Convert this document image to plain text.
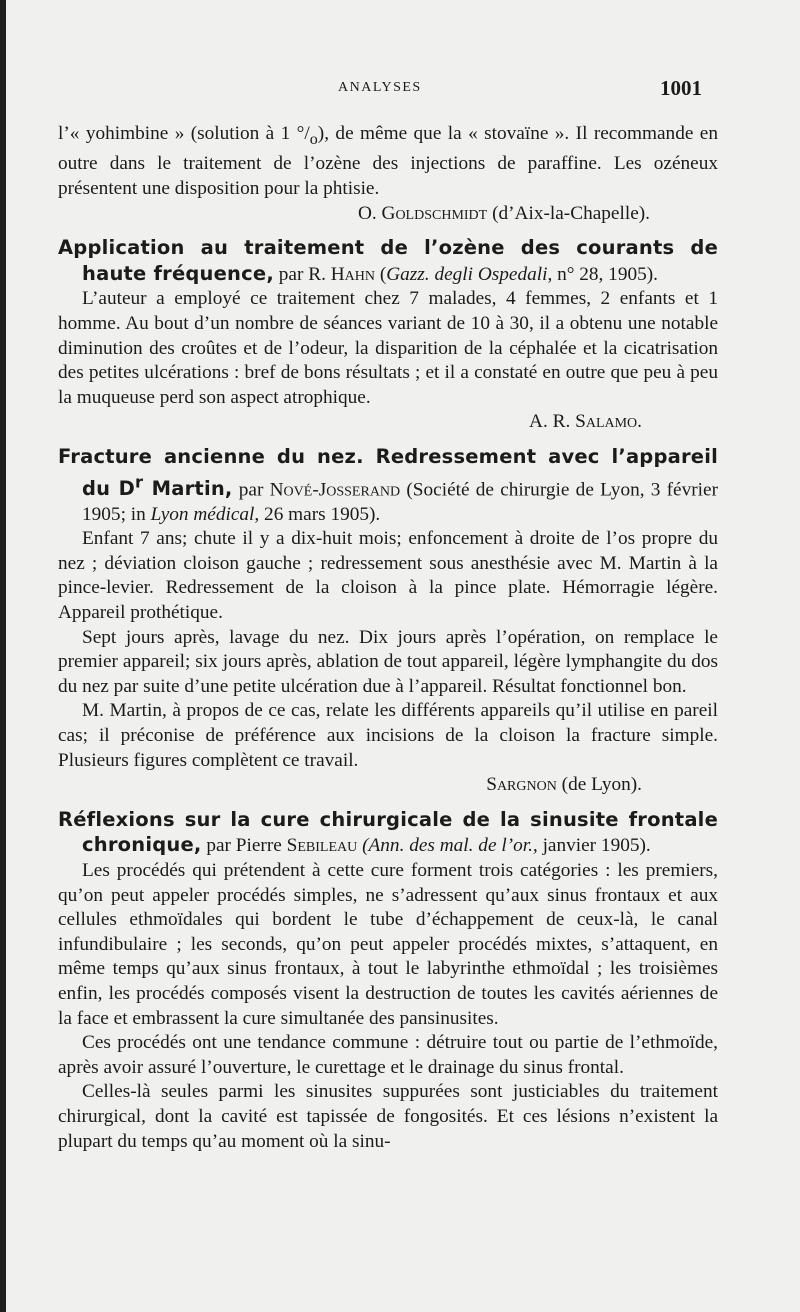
ANALYSES	1001

l’« yohimbine » (solution à 1 $^\circ/_o$), de même que la « stovaïne ». Il recommande en outre dans le traitement de l’ozène des injections de paraffine. Les ozéneux présentent une disposition pour la phtisie.

O. Goldschmidt (d’Aix-la-Chapelle).

Application au traitement de l’ozène des courants de haute fréquence, par R. Hahn (Gazz. degli Ospedali, n° 28, 1905).

L’auteur a employé ce traitement chez 7 malades, 4 femmes, 2 enfants et 1 homme. Au bout d’un nombre de séances variant de 10 à 30, il a obtenu une notable diminution des croûtes et de l’odeur, la disparition de la céphalée et la cicatrisation des petites ulcérations : bref de bons résultats ; et il a constaté en outre que peu à peu la muqueuse perd son aspect atrophique.

A. R. Salamo.

Fracture ancienne du nez. Redressement avec l’appareil du $D^r$ Martin, par Nové-Josserand (Société de chirurgie de Lyon, 3 février 1905; in Lyon médical, 26 mars 1905).

Enfant 7 ans; chute il y a dix-huit mois; enfoncement à droite de l’os propre du nez ; déviation cloison gauche ; redressement sous anesthésie avec M. Martin à la pince-levier. Redressement de la cloison à la pince plate. Hémorragie légère. Appareil prothétique.

Sept jours après, lavage du nez. Dix jours après l’opération, on remplace le premier appareil; six jours après, ablation de tout appareil, légère lymphangite du dos du nez par suite d’une petite ulcération due à l’appareil. Résultat fonctionnel bon.

M. Martin, à propos de ce cas, relate les différents appareils qu’il utilise en pareil cas; il préconise de préférence aux incisions de la cloison la fracture simple. Plusieurs figures complètent ce travail.

Sargnon (de Lyon).

Réflexions sur la cure chirurgicale de la sinusite frontale chronique, par Pierre Sebileau (Ann. des mal. de l’or., janvier 1905).

Les procédés qui prétendent à cette cure forment trois catégories : les premiers, qu’on peut appeler procédés simples, ne s’adressent qu’aux sinus frontaux et aux cellules ethmoïdales qui bordent le tube d’échappement de ceux-là, le canal infundibulaire ; les seconds, qu’on peut appeler procédés mixtes, s’attaquent, en même temps qu’aux sinus frontaux, à tout le labyrinthe ethmoïdal ; les troisièmes enfin, les procédés composés visent la destruction de toutes les cavités aériennes de la face et embrassent la cure simultanée des pansinusites.

Ces procédés ont une tendance commune : détruire tout ou partie de l’ethmoïde, après avoir assuré l’ouverture, le curettage et le drainage du sinus frontal.

Celles-là seules parmi les sinusites suppurées sont justiciables du traitement chirurgical, dont la cavité est tapissée de fongosités. Et ces lésions n’existent la plupart du temps qu’au moment où la sinu-
